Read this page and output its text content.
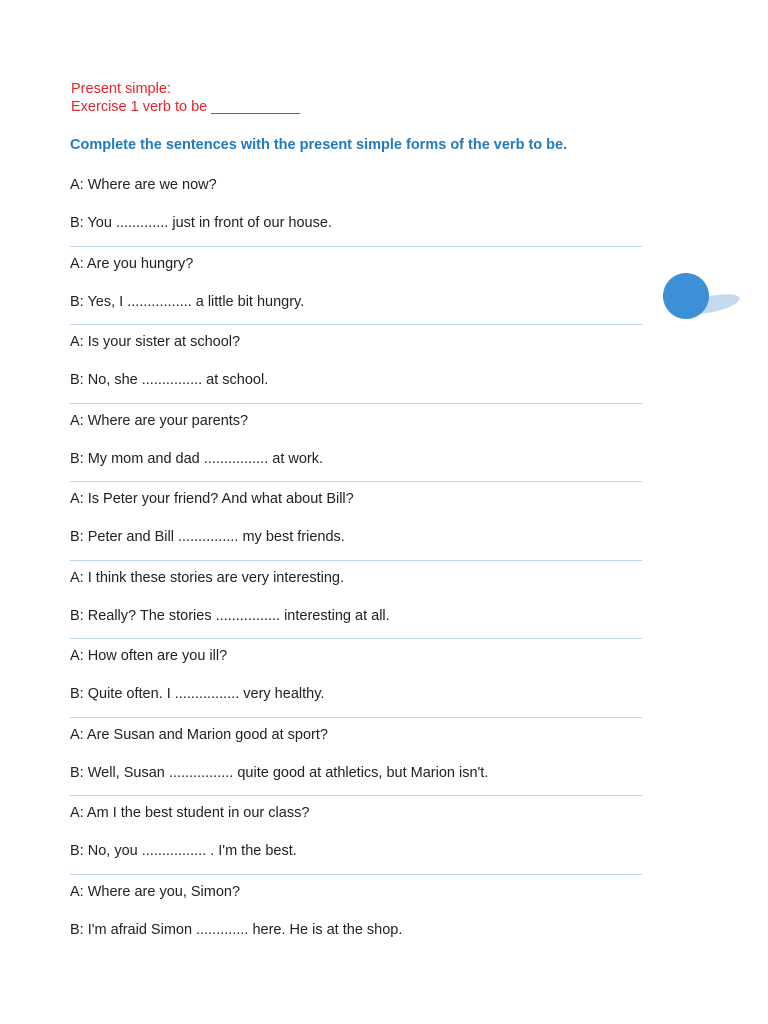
Present simple:
Exercise 1 verb to be ___________
Complete the sentences with the present simple forms of the verb to be.
A: Where are we now?
B: You ............. just in front of our house.
A: Are you hungry?
B: Yes, I ................ a little bit hungry.
A: Is your sister at school?
B: No, she ............... at school.
A: Where are your parents?
B: My mom and dad ................ at work.
A: Is Peter your friend? And what about Bill?
B: Peter and Bill ............... my best friends.
A: I think these stories are very interesting.
B: Really? The stories ................ interesting at all.
A: How often are you ill?
B: Quite often. I ................ very healthy.
A: Are Susan and Marion good at sport?
B: Well, Susan ................ quite good at athletics, but Marion isn't.
A: Am I the best student in our class?
B: No, you ................ . I'm the best.
A: Where are you, Simon?
B: I'm afraid Simon ............. here. He is at the shop.
